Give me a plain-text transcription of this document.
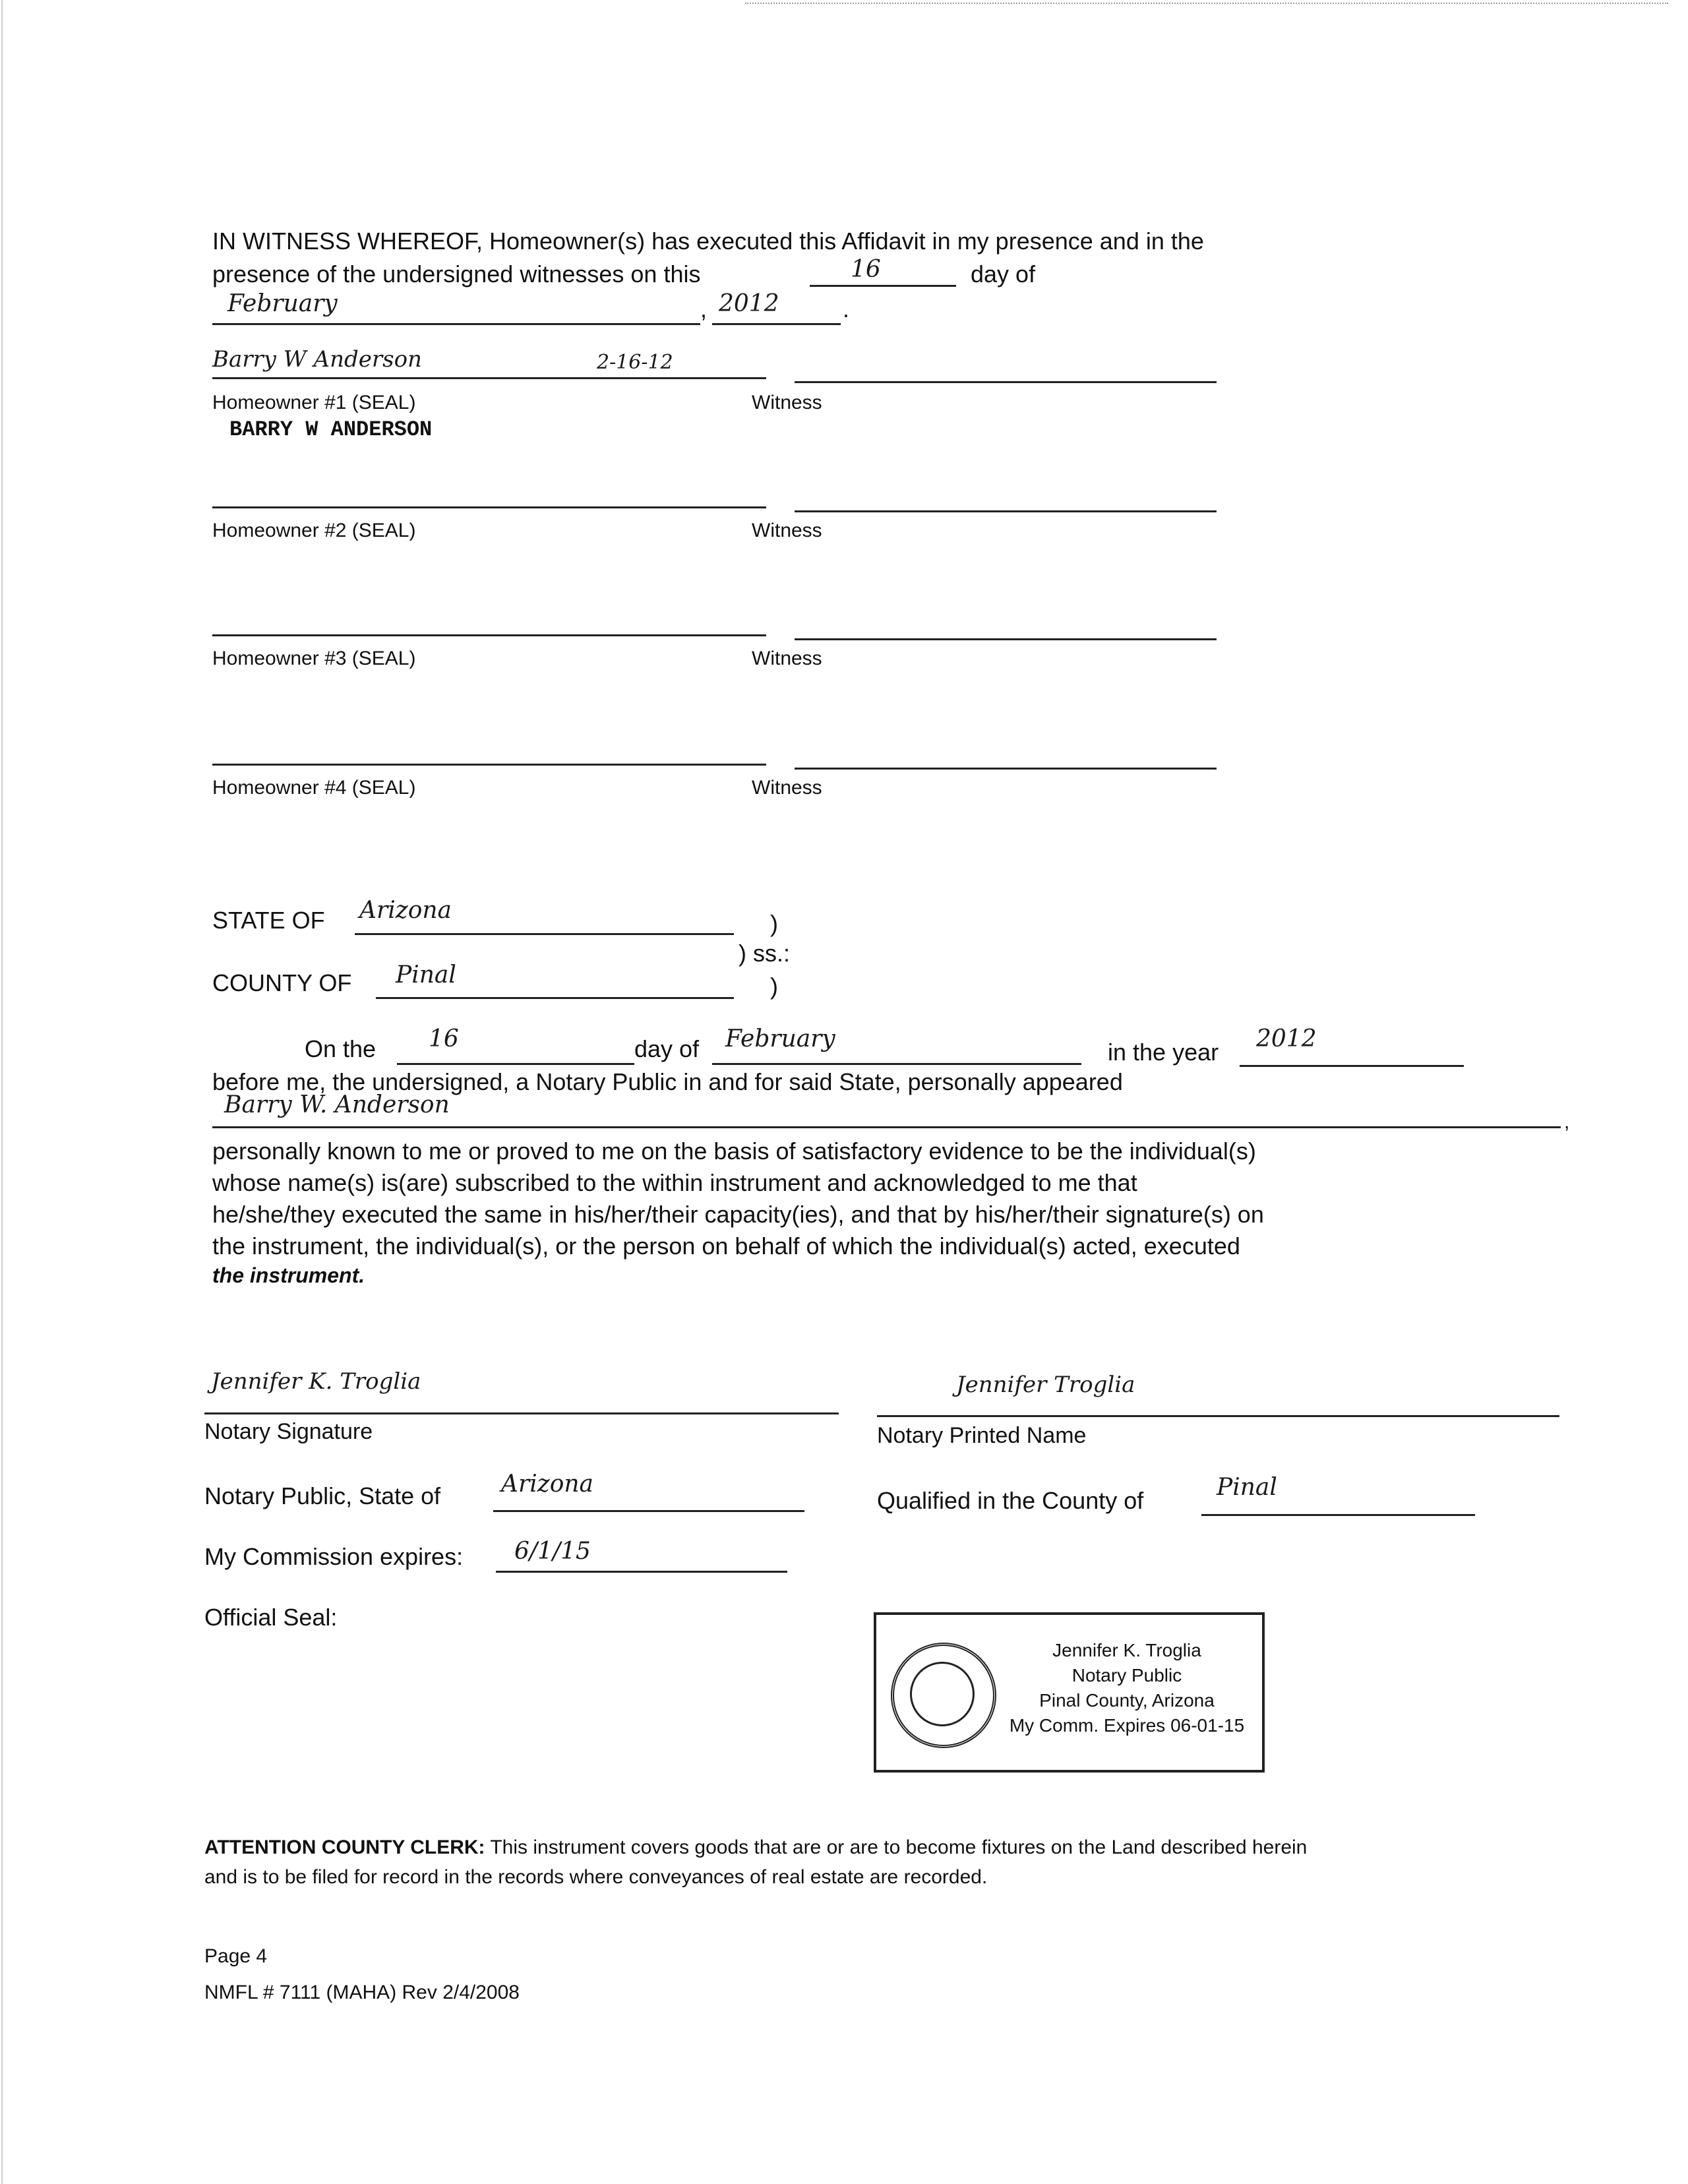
IN WITNESS WHEREOF, Homeowner(s) has executed this Affidavit in my presence and in the
presence of the undersigned witnesses on this	16	day of
February	, 2012	.
Barry W Anderson	2-16-12
Homeowner #1 (SEAL)	Witness
BARRY W ANDERSON
Homeowner #2 (SEAL)	Witness
Homeowner #3 (SEAL)	Witness
Homeowner #4 (SEAL)	Witness
STATE OF Arizona	)
) ss.:
COUNTY OF Pinal	)
On the 16	day of February	in the year 2012
before me, the undersigned, a Notary Public in and for said State, personally appeared
Barry W. Anderson
,
personally known to me or proved to me on the basis of satisfactory evidence to be the individual(s)
whose name(s) is(are) subscribed to the within instrument and acknowledged to me that
he/she/they executed the same in his/her/their capacity(ies), and that by his/her/their signature(s) on
the instrument, the individual(s), or the person on behalf of which the individual(s) acted, executed
the instrument.
Jennifer K. Troglia
Notary Signature
Jennifer Troglia
Notary Printed Name
Notary Public, State of	Arizona
Qualified in the County of	Pinal
My Commission expires: 6/1/15
Official Seal:
Jennifer K. Troglia
Notary Public
Pinal County, Arizona
My Comm. Expires 06-01-15
ATTENTION COUNTY CLERK: This instrument covers goods that are or are to become fixtures on the Land described herein
and is to be filed for record in the records where conveyances of real estate are recorded.
Page 4
NMFL # 7111 (MAHA) Rev 2/4/2008
